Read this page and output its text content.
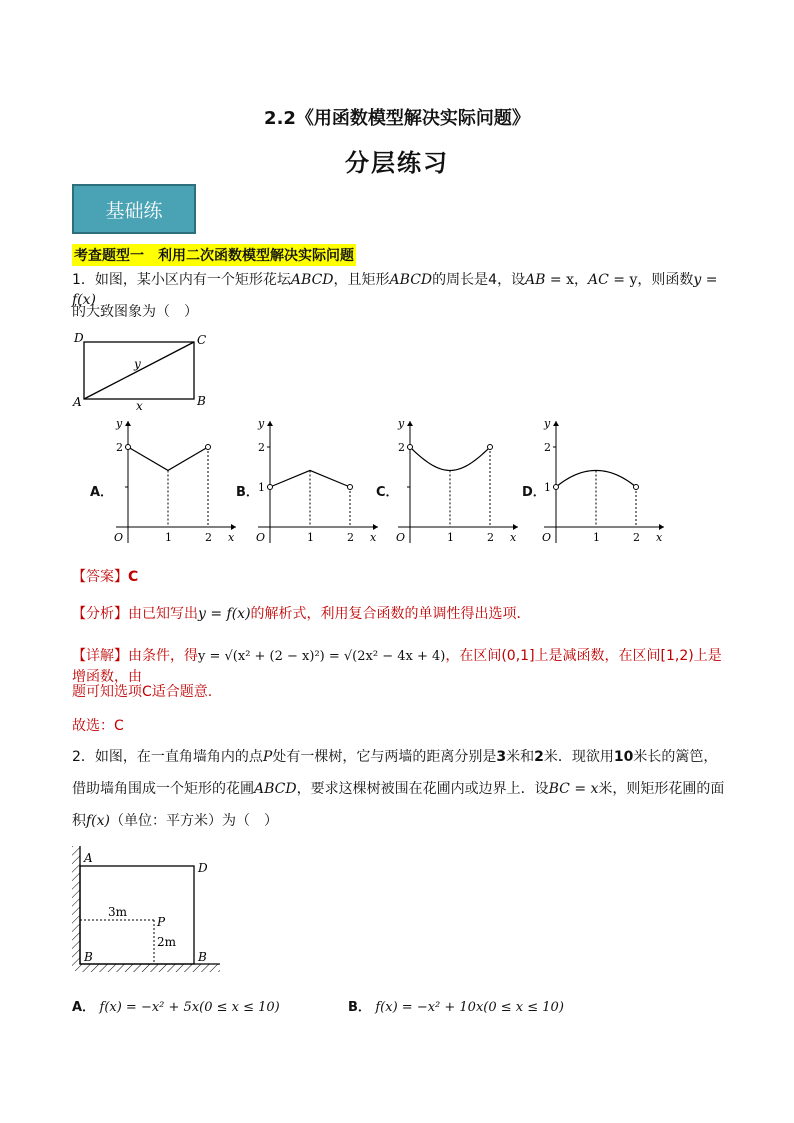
2.2《用函数模型解决实际问题》
分层练习
基础练
考查题型一　利用二次函数模型解决实际问题
1．如图，某小区内有一个矩形花坛ABCD，且矩形ABCD的周长是4，设AB = x，AC = y，则函数y = f(x)
的大致图象为（　）
D	C
A	B
y
x
A．	B．	C．	D．
y
x
O	1	2
2
y
x
O	1	2
2
1
y
x
O	1	2
2
y
x
O	1	2
2
1
【答案】C
【分析】由已知写出y = f(x)的解析式，利用复合函数的单调性得出选项．
【详解】由条件，得y = √(x² + (2 − x)²) = √(2x² − 4x + 4)，在区间(0,1]上是减函数，在区间[1,2)上是增函数，由
题可知选项C适合题意.
故选：C
2．如图，在一直角墙角内的点P处有一棵树，它与两墙的距离分别是3米和2米．现欲用10米长的篱笆，
借助墙角围成一个矩形的花圃ABCD，要求这棵树被围在花圃内或边界上．设BC = x米，则矩形花圃的面
积f(x)（单位：平方米）为（　）
A
D
P
B	B
3m
2m
A． f(x) = −x² + 5x(0 ≤ x ≤ 10)	B． f(x) = −x² + 10x(0 ≤ x ≤ 10)
